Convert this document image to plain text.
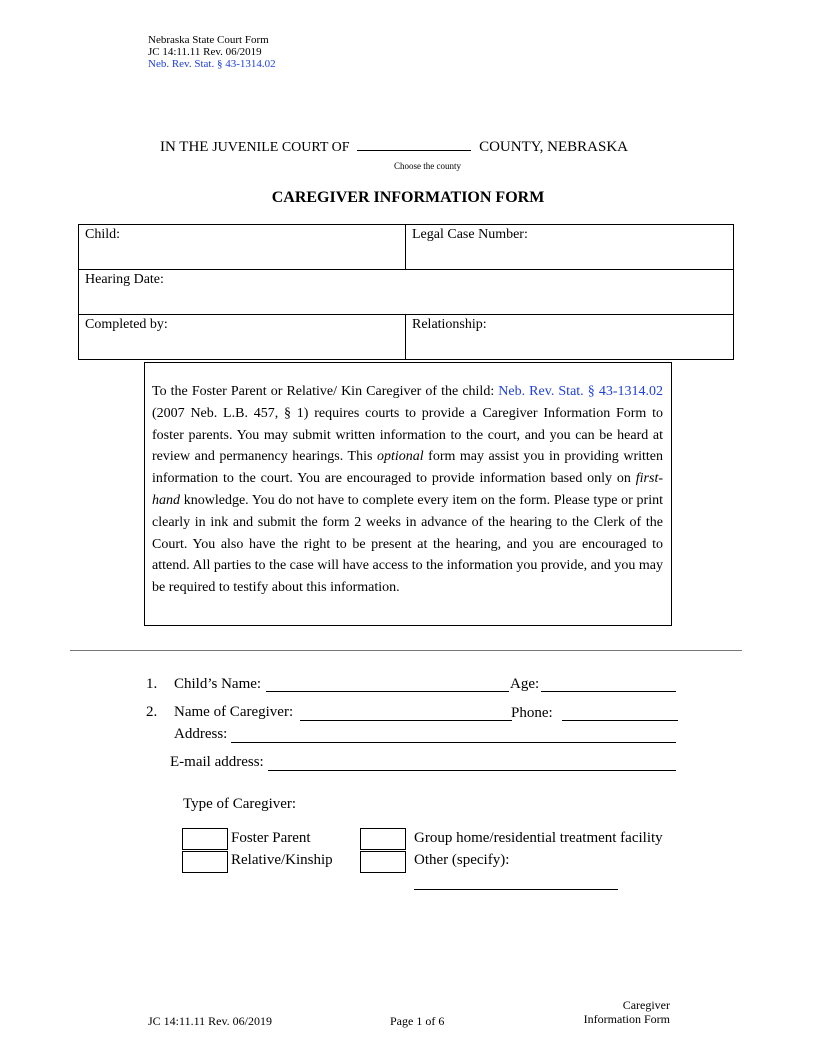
Nebraska State Court Form
JC 14:11.11 Rev. 06/2019
Neb. Rev. Stat. § 43-1314.02
IN THE JUVENILE COURT OF	COUNTY, NEBRASKA
Choose the county
CAREGIVER INFORMATION FORM
Child:	Legal Case Number:
Hearing Date:	
Completed by:	Relationship:
To the Foster Parent or Relative/ Kin Caregiver of the child: Neb. Rev. Stat. § 43-1314.02 (2007 Neb. L.B. 457, § 1) requires courts to provide a Caregiver Information Form to foster parents. You may submit written information to the court, and you can be heard at review and permanency hearings. This optional form may assist you in providing written information to the court. You are encouraged to provide information based only on first-hand knowledge. You do not have to complete every item on the form. Please type or print clearly in ink and submit the form 2 weeks in advance of the hearing to the Clerk of the Court. You also have the right to be present at the hearing, and you are encouraged to attend. All parties to the case will have access to the information you provide, and you may be required to testify about this information.
1. Child’s Name:	Age:
2. Name of Caregiver:	Phone:
Address:
E-mail address:
Type of Caregiver:
Foster Parent
Relative/Kinship
Group home/residential treatment facility
Other (specify):
JC 14:11.11 Rev. 06/2019	Page 1 of 6
Caregiver
Information Form
